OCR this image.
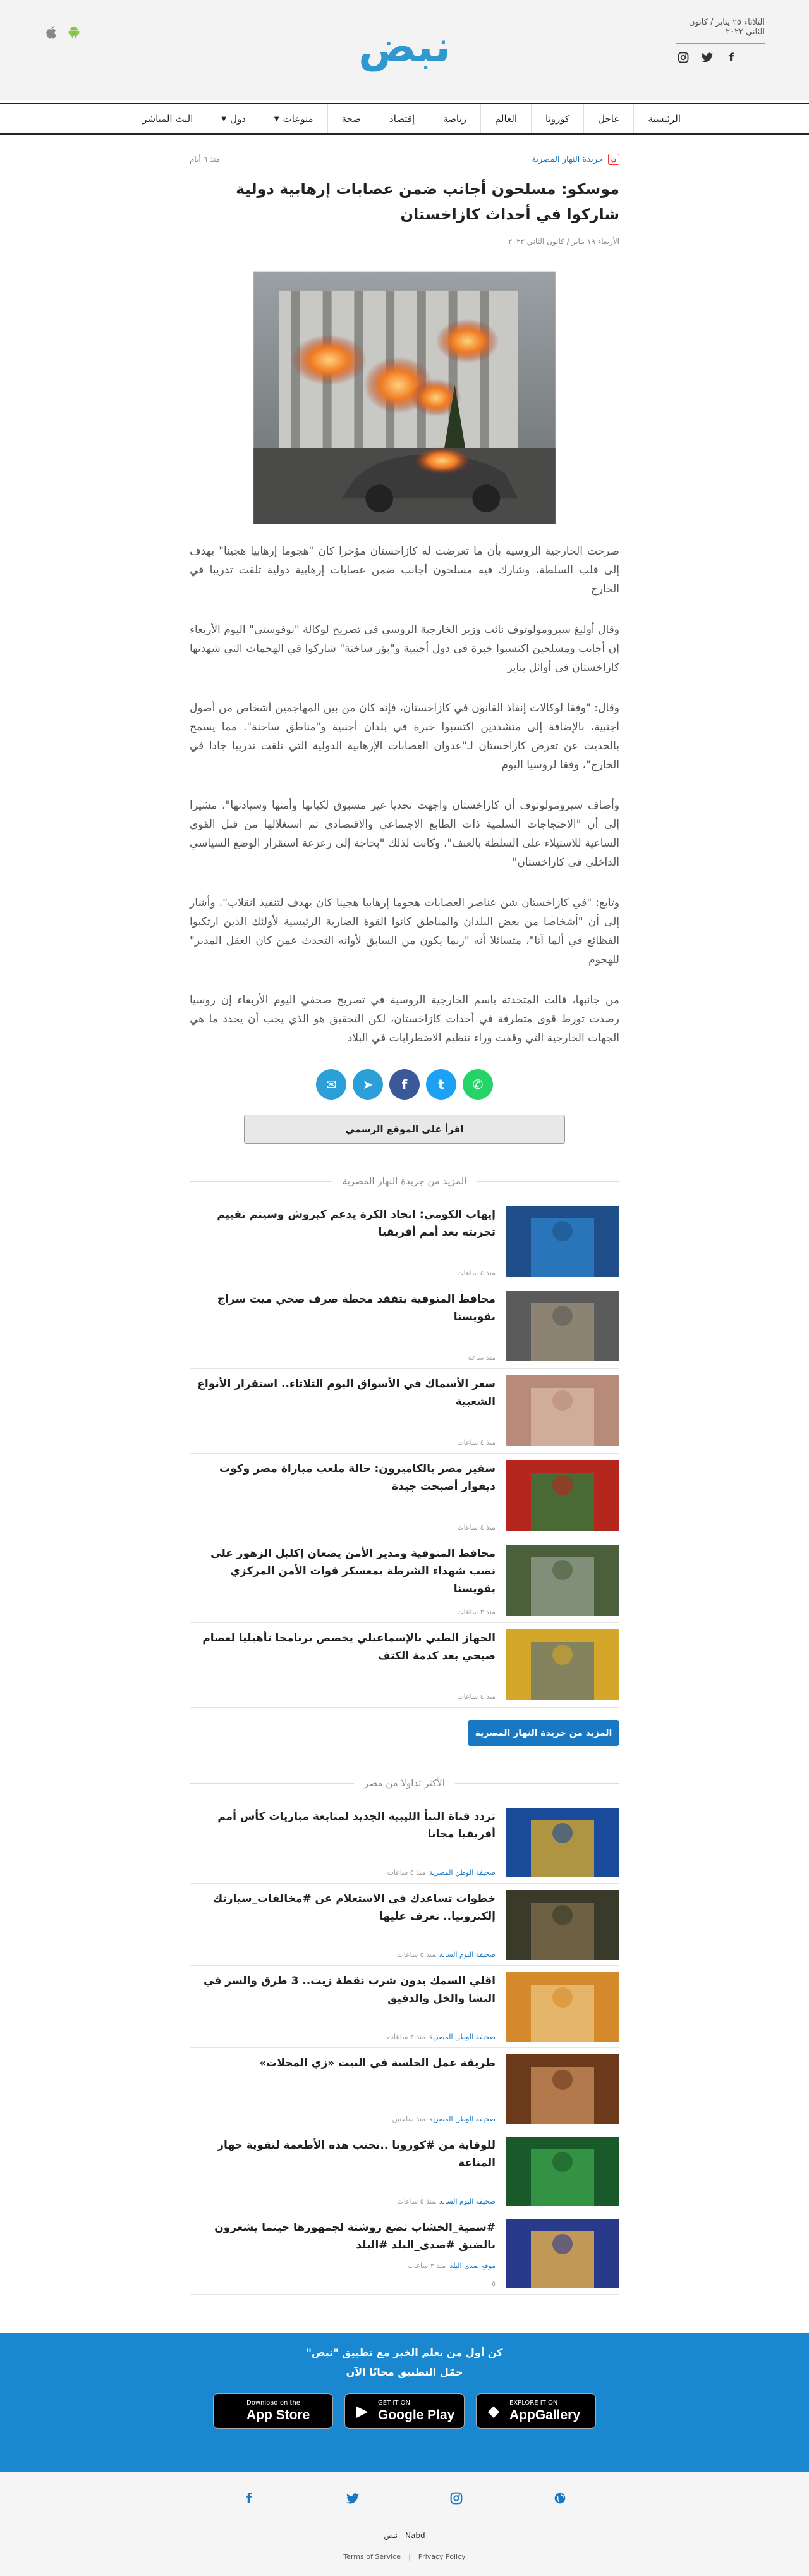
الثلاثاء ٢٥ يناير / كانون الثاني ٢٠٢٢
f
نبض
الرئيسية
عاجل
كورونا
العالم
رياضة
إقتصاد
صحة
منوعات
▼
دول
▼
البث المباشر
ن
جريدة النهار المصرية
منذ ٦ أيام
موسكو: مسلحون أجانب ضمن عصابات إرهابية دولية شاركوا في أحداث كازاخستان
الأربعاء ١٩ يناير / كانون الثاني ٢٠٢٢

صرحت الخارجية الروسية بأن ما تعرضت له كازاخستان مؤخرا كان "هجوما إرهابيا هجينا" يهدف إلى قلب السلطة، وشارك فيه مسلحون أجانب ضمن عصابات إرهابية دولية تلقت تدريبا في الخارج

وقال أوليغ سيرومولوتوف نائب وزير الخارجية الروسي في تصريح لوكالة "نوفوستي" اليوم الأربعاء إن أجانب ومسلحين اكتسبوا خبرة في دول أجنبية و"بؤر ساخنة" شاركوا في الهجمات التي شهدتها كازاخستان في أوائل يناير

وقال: "وفقا لوكالات إنفاذ القانون في كازاخستان، فإنه كان من بين المهاجمين أشخاص من أصول أجنبية، بالإضافة إلى متشددين اكتسبوا خبرة في بلدان أجنبية و"مناطق ساخنة". مما يسمح بالحديث عن تعرض كازاخستان لـ"عدوان العصابات الإرهابية الدولية التي تلقت تدريبا جادا في الخارج"، وفقا لروسيا اليوم

وأضاف سيرومولوتوف أن كازاخستان واجهت تحديا غير مسبوق لكيانها وأمنها وسيادتها"، مشيرا إلى أن "الاحتجاجات السلمية ذات الطابع الاجتماعي والاقتصادي تم استغلالها من قبل القوى الساعية للاستيلاء على السلطة بالعنف"، وكانت لذلك "بحاجة إلى زعزعة استقرار الوضع السياسي الداخلي في كازاخستان"

وتابع: "في كازاخستان شن عناصر العصابات هجوما إرهابيا هجينا كان يهدف لتنفيذ انقلاب". وأشار إلى أن "أشخاصا من بعض البلدان والمناطق كانوا القوة الضاربة الرئيسية لأولئك الذين ارتكبوا الفظائع في ألما آتا"، متسائلا أنه "ربما يكون من السابق لأوانه التحدث عمن كان العقل المدبر" للهجوم

من جانبها، قالت المتحدثة باسم الخارجية الروسية في تصريح صحفي اليوم الأربعاء إن روسيا رصدت تورط قوى متطرفة في أحداث كازاخستان، لكن التحقيق هو الذي يجب أن يحدد ما هي الجهات الخارجية التي وقفت وراء تنظيم الاضطرابات في البلاد

✆
t
f
➤
✉
اقرأ على الموقع الرسمي
المزيد من جريدة النهار المصرية
إيهاب الكومي: اتحاد الكرة يدعم كيروش وسيتم تقييم تجربته بعد أمم أفريقيا
منذ ٤ ساعات
محافظ المنوفية يتفقد محطة صرف صحي ميت سراج بقويسنا
منذ ساعة
سعر الأسماك في الأسواق اليوم الثلاثاء.. استقرار الأنواع الشعبية
منذ ٤ ساعات
سفير مصر بالكاميرون: حالة ملعب مباراة مصر وكوت ديفوار أصبحت جيدة
منذ ٤ ساعات
محافظ المنوفية ومدير الأمن يضعان إكليل الزهور على نصب شهداء الشرطة بمعسكر قوات الأمن المركزي بقويسنا
منذ ٣ ساعات
الجهاز الطبي بالإسماعيلي يخصص برنامجا تأهيليا لعصام صبحي بعد كدمة الكتف
منذ ٤ ساعات
المزيد من جريدة النهار المصرية
الأكثر تداولا من مصر
تردد قناة النبأ الليبية الجديد لمتابعة مباريات كأس أمم أفريقيا مجانا
صحيفة الوطن المصريةمنذ ٥ ساعات
خطوات تساعدك في الاستعلام عن #مخالفات_سيارتك إلكترونيا.. تعرف عليها
صحيفة اليوم السابعمنذ ٥ ساعات
اقلي السمك بدون شرب نقطة زيت.. 3 طرق والسر في النشا والخل والدقيق
صحيفة الوطن المصريةمنذ ٣ ساعات
طريقة عمل الجلسة في البيت «زي المحلات»
صحيفة الوطن المصريةمنذ ساعتين
للوقاية من #كورونا ..تجنب هذه الأطعمة لتقوية جهاز المناعة
صحيفة اليوم السابعمنذ ٥ ساعات
#سمية_الخشاب تضع روشتة لجمهورها حينما يشعرون بالضيق #صدى_البلد #البلد
موقع صدى البلدمنذ ٣ ساعات
٥
كن أول من يعلم الخبر مع تطبيق "نبض"
حمّل التطبيق مجانًا الآن
Download on the
App Store	▶	GET IT ON
Google Play ◆	EXPLORE IT ON
AppGallery
f
Nabd - نبض
Terms of Service | Privacy Policy
